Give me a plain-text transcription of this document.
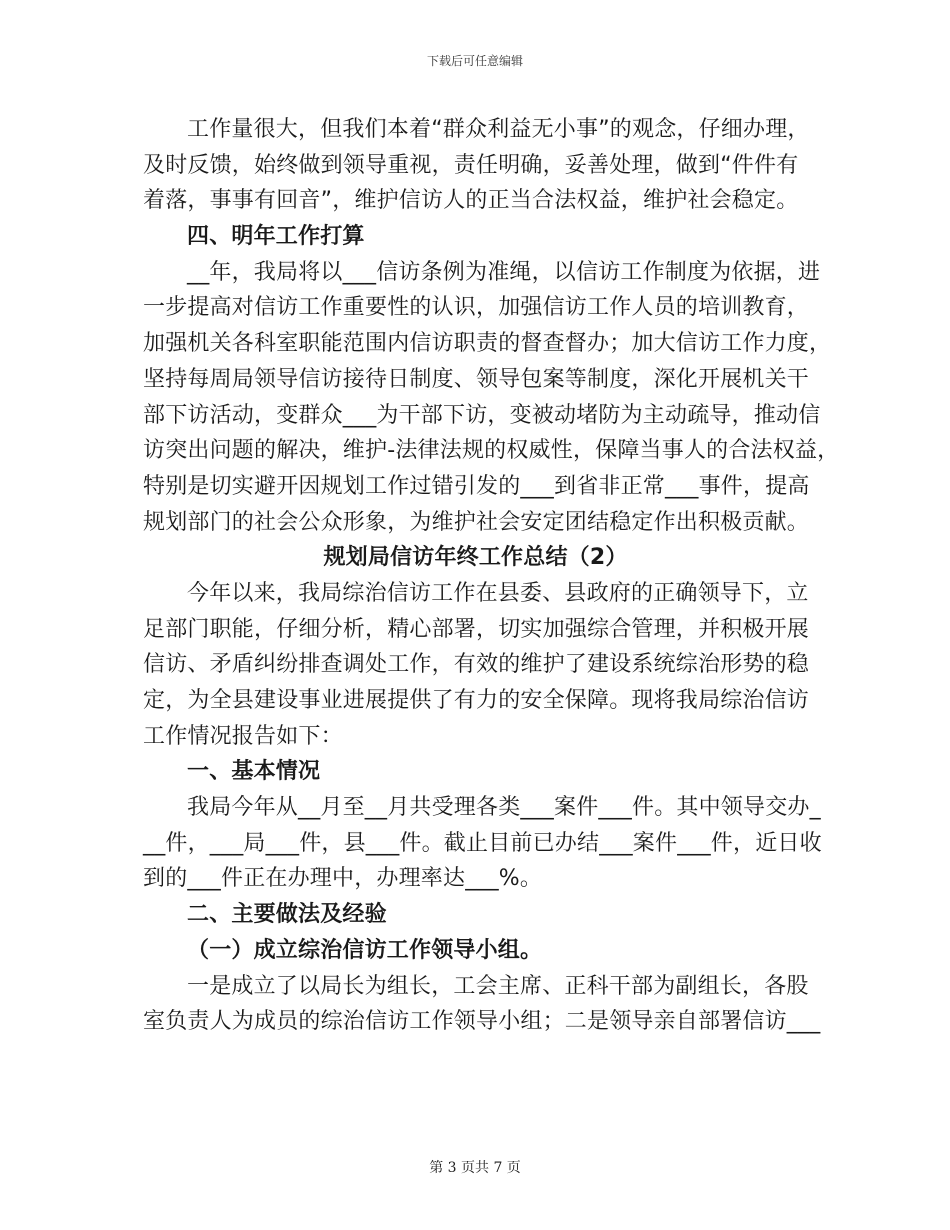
下载后可任意编辑
工作量很大，但我们本着“群众利益无小事”的观念，仔细办理，
及时反馈，始终做到领导重视，责任明确，妥善处理，做到“件件有
着落，事事有回音”，维护信访人的正当合法权益，维护社会稳定。
四、明年工作打算
__年，我局将以___信访条例为准绳，以信访工作制度为依据，进
一步提高对信访工作重要性的认识，加强信访工作人员的培训教育，
加强机关各科室职能范围内信访职责的督查督办；加大信访工作力度，
坚持每周局领导信访接待日制度、领导包案等制度，深化开展机关干
部下访活动，变群众___为干部下访，变被动堵防为主动疏导，推动信
访突出问题的解决，维护-法律法规的权威性，保障当事人的合法权益，
特别是切实避开因规划工作过错引发的___到省非正常___事件，提高
规划部门的社会公众形象，为维护社会安定团结稳定作出积极贡献。
规划局信访年终工作总结（2）
今年以来，我局综治信访工作在县委、县政府的正确领导下，立
足部门职能，仔细分析，精心部署，切实加强综合管理，并积极开展
信访、矛盾纠纷排查调处工作，有效的维护了建设系统综治形势的稳
定，为全县建设事业进展提供了有力的安全保障。现将我局综治信访
工作情况报告如下：
一、基本情况
我局今年从__月至__月共受理各类___案件___件。其中领导交办_
__件，___局___件，县___件。截止目前已办结___案件___件，近日收
到的___件正在办理中，办理率达___%。
二、主要做法及经验
（一）成立综治信访工作领导小组。
一是成立了以局长为组长，工会主席、正科干部为副组长，各股
室负责人为成员的综治信访工作领导小组；二是领导亲自部署信访___
第 3 页共 7 页
